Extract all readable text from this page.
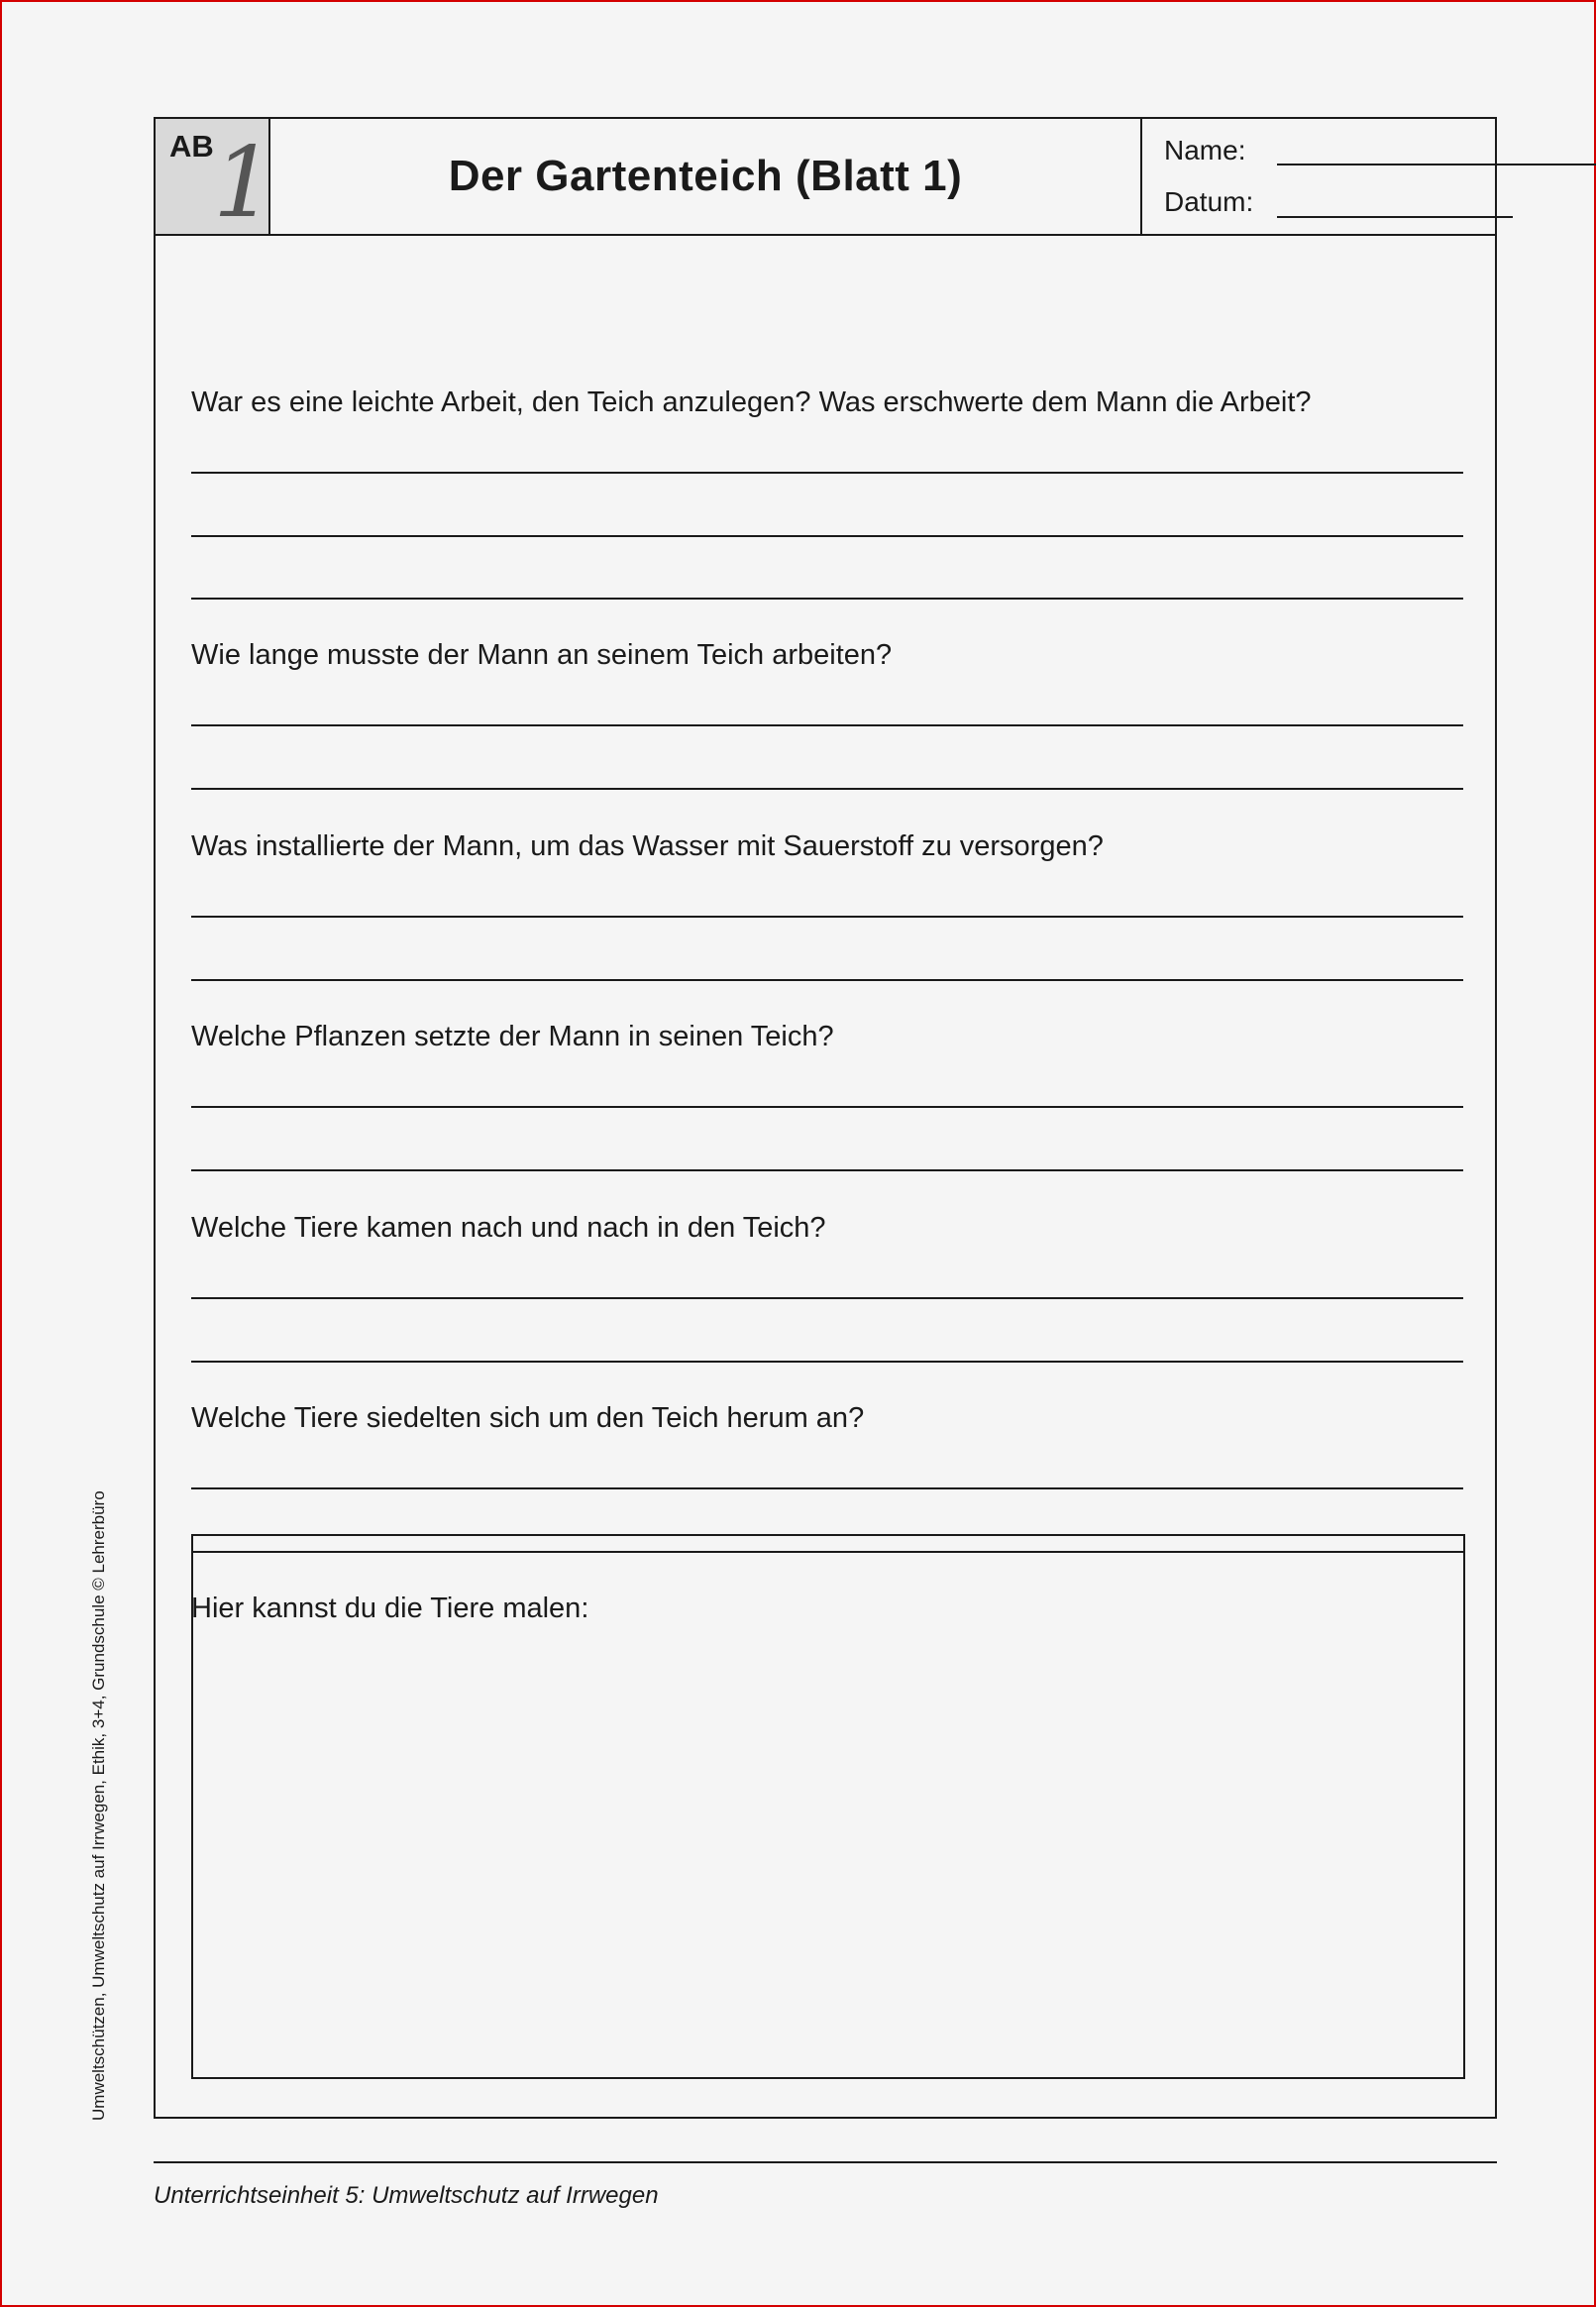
AB 1	Der Gartenteich (Blatt 1)
Name:
Datum:
War es eine leichte Arbeit, den Teich anzulegen? Was erschwerte dem Mann die Arbeit?
Wie lange musste der Mann an seinem Teich arbeiten?
Was installierte der Mann, um das Wasser mit Sauerstoff zu versorgen?
Welche Pflanzen setzte der Mann in seinen Teich?
Welche Tiere kamen nach und nach in den Teich?
Welche Tiere siedelten sich um den Teich herum an?
Hier kannst du die Tiere malen:
Unterrichtseinheit 5: Umweltschutz auf Irrwegen
Umweltschützen, Umweltschutz auf Irrwegen, Ethik, 3+4, Grundschule © Lehrerbüro
